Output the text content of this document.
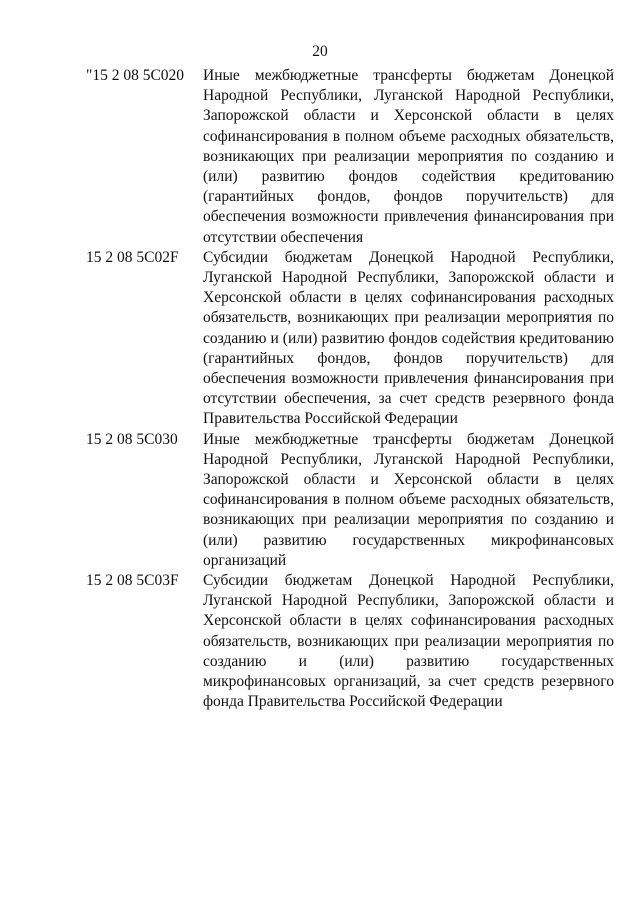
20
"15 2 08 5С020 Иные межбюджетные трансферты бюджетам Донецкой Народной Республики, Луганской Народной Республики, Запорожской области и Херсонской области в целях софинансирования в полном объеме расходных обязательств, возникающих при реализации мероприятия по созданию и (или) развитию фондов содействия кредитованию (гарантийных фондов, фондов поручительств) для обеспечения возможности привлечения финансирования при отсутствии обеспечения

15 2 08 5С02F Субсидии бюджетам Донецкой Народной Республики, Луганской Народной Республики, Запорожской области и Херсонской области в целях софинансирования расходных обязательств, возникающих при реализации мероприятия по созданию и (или) развитию фондов содействия кредитованию (гарантийных фондов, фондов поручительств) для обеспечения возможности привлечения финансирования при отсутствии обеспечения, за счет средств резервного фонда Правительства Российской Федерации

15 2 08 5С030 Иные межбюджетные трансферты бюджетам Донецкой Народной Республики, Луганской Народной Республики, Запорожской области и Херсонской области в целях софинансирования в полном объеме расходных обязательств, возникающих при реализации мероприятия по созданию и (или) развитию государственных микрофинансовых организаций

15 2 08 5С03F Субсидии бюджетам Донецкой Народной Республики, Луганской Народной Республики, Запорожской области и Херсонской области в целях софинансирования расходных обязательств, возникающих при реализации мероприятия по созданию и (или) развитию государственных микрофинансовых организаций, за счет средств резервного фонда Правительства Российской Федерации
